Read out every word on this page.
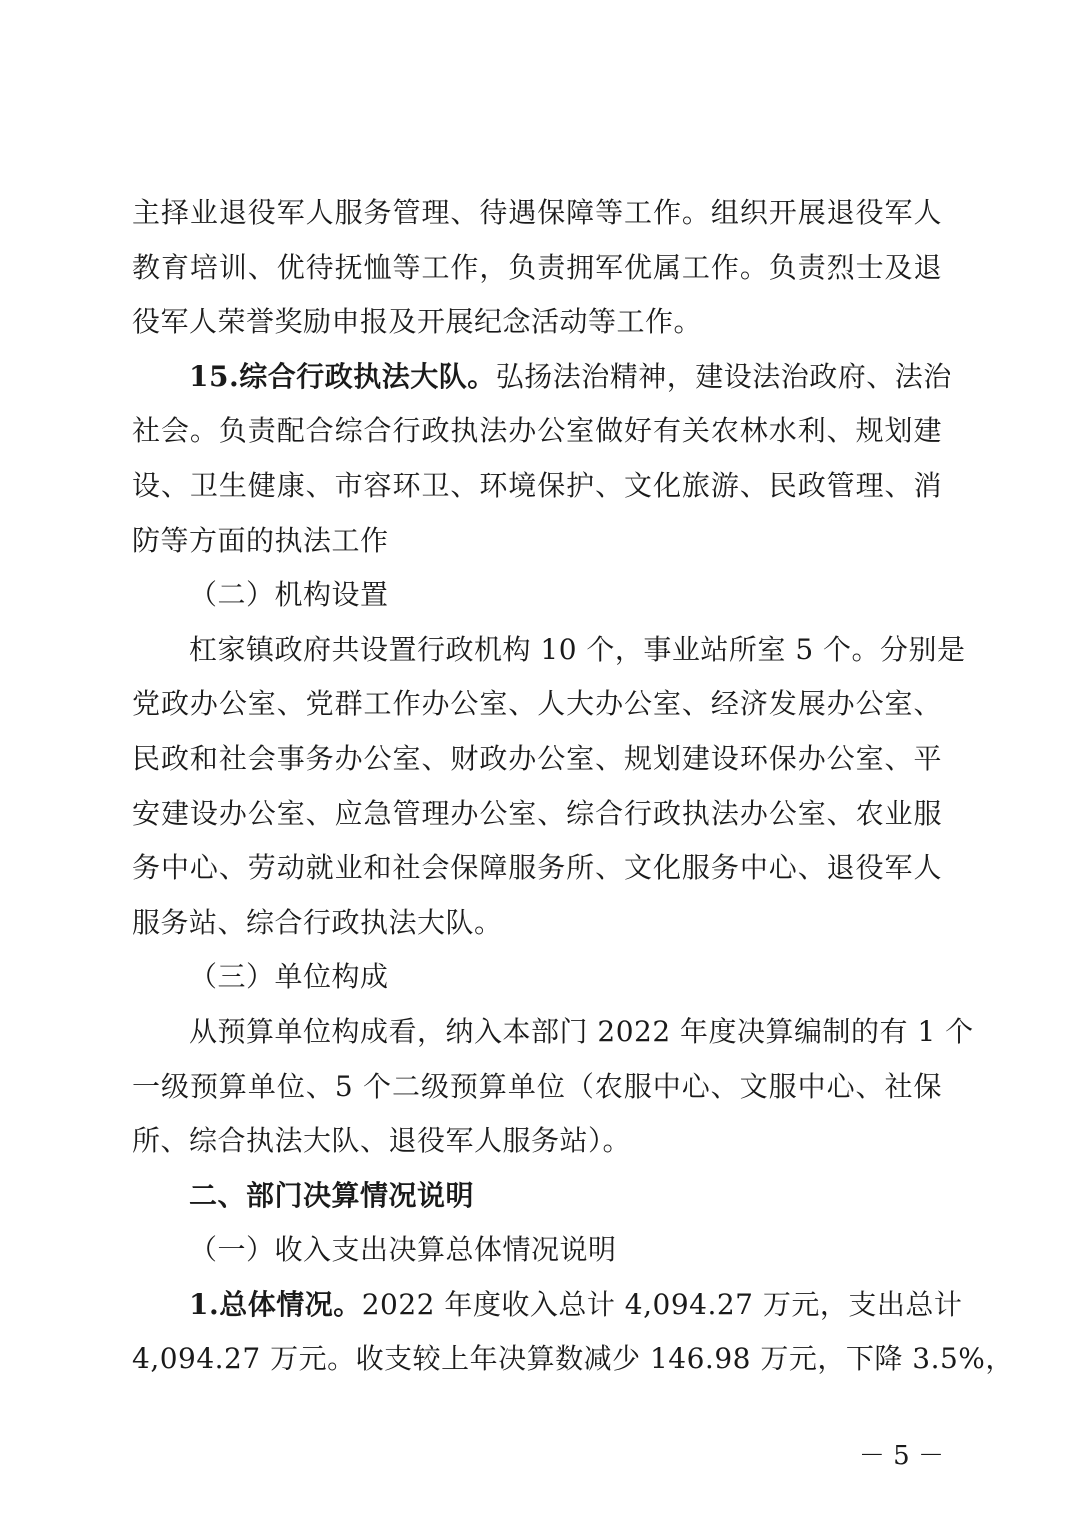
主择业退役军人服务管理、待遇保障等工作。组织开展退役军人
教育培训、优待抚恤等工作，负责拥军优属工作。负责烈士及退
役军人荣誉奖励申报及开展纪念活动等工作。
15.综合行政执法大队。弘扬法治精神，建设法治政府、法治
社会。负责配合综合行政执法办公室做好有关农林水利、规划建
设、卫生健康、市容环卫、环境保护、文化旅游、民政管理、消
防等方面的执法工作
（二）机构设置
杠家镇政府共设置行政机构 10 个，事业站所室 5 个。分别是
党政办公室、党群工作办公室、人大办公室、经济发展办公室、
民政和社会事务办公室、财政办公室、规划建设环保办公室、平
安建设办公室、应急管理办公室、综合行政执法办公室、农业服
务中心、劳动就业和社会保障服务所、文化服务中心、退役军人
服务站、综合行政执法大队。
（三）单位构成
从预算单位构成看，纳入本部门 2022 年度决算编制的有 1 个
一级预算单位、5 个二级预算单位（农服中心、文服中心、社保
所、综合执法大队、退役军人服务站）。
二、部门决算情况说明
（一）收入支出决算总体情况说明
1.总体情况。2022 年度收入总计 4,094.27 万元，支出总计
4,094.27 万元。收支较上年决算数减少 146.98 万元，下降 3.5%，
－ 5 －
